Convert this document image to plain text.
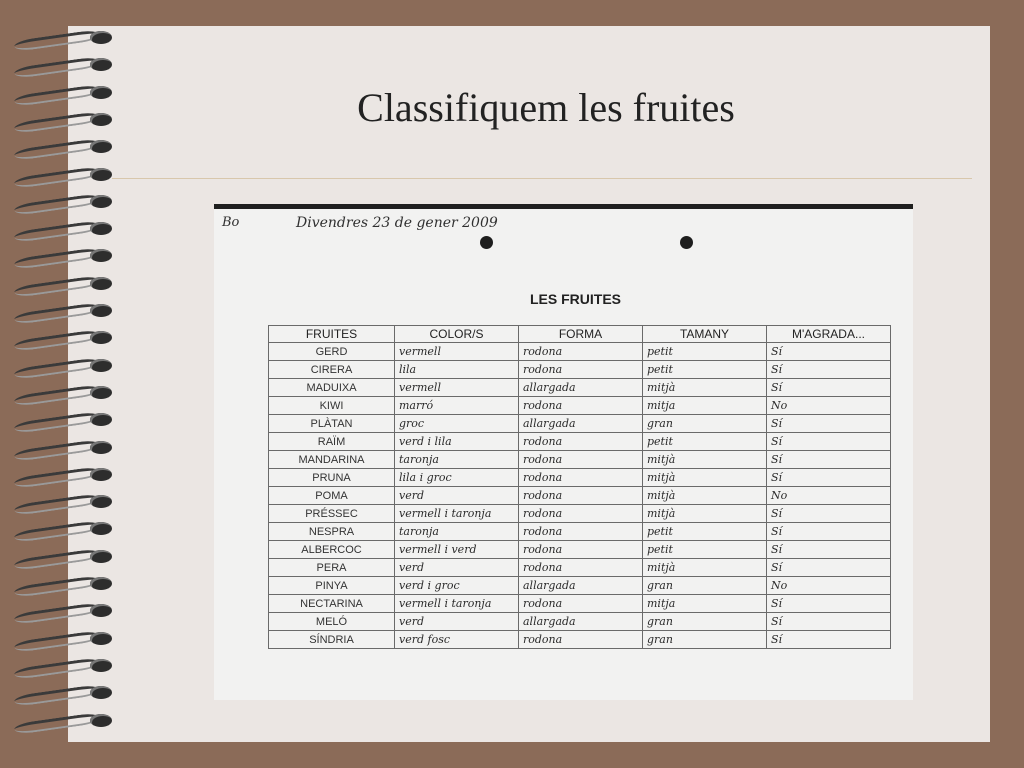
Classifiquem les fruites
Bo	Divendres 23 de gener 2009
LES FRUITES
FRUITES	COLOR/S	FORMA	TAMANY	M'AGRADA...
GERD	vermell	rodona	petit	Sí
CIRERA	lila	rodona	petit	Sí
MADUIXA	vermell	allargada	mitjà	Sí
KIWI	marró	rodona	mitja	No
PLÀTAN	groc	allargada	gran	Sí
RAÏM	verd i lila	rodona	petit	Sí
MANDARINA	taronja	rodona	mitjà	Sí
PRUNA	lila i groc	rodona	mitjà	Sí
POMA	verd	rodona	mitjà	No
PRÉSSEC	vermell i taronja	rodona	mitjà	Sí
NESPRA	taronja	rodona	petit	Sí
ALBERCOC	vermell i verd	rodona	petit	Sí
PERA	verd	rodona	mitjà	Sí
PINYA	verd i groc	allargada	gran	No
NECTARINA	vermell i taronja	rodona	mitja	Sí
MELÓ	verd	allargada	gran	Sí
SÍNDRIA	verd fosc	rodona	gran	Sí
